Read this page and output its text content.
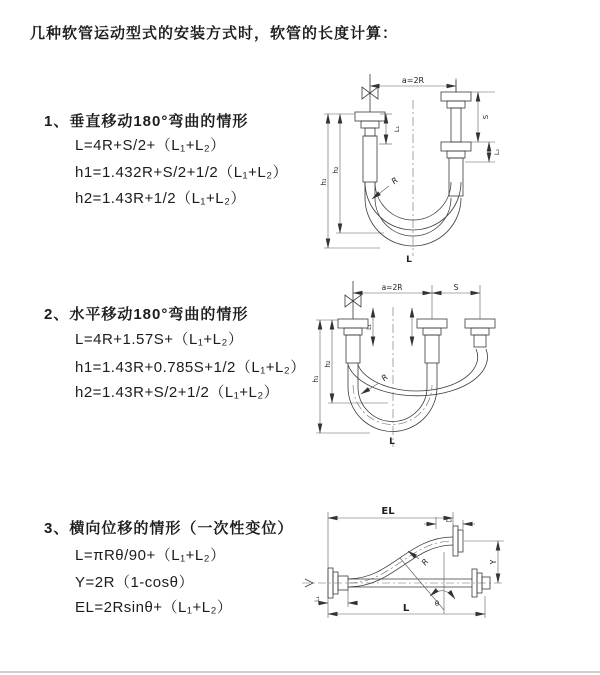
几种软管运动型式的安装方式时，软管的长度计算：
1、垂直移动180°弯曲的情形
L=4R+S/2+（L₁+L₂）
h1=1.432R+S/2+1/2（L₁+L₂）
h2=1.43R+1/2（L₁+L₂）
2、水平移动180°弯曲的情形
L=4R+1.57S+（L₁+L₂）
h1=1.43R+0.785S+1/2（L₁+L₂）
h2=1.43R+S/2+1/2（L₁+L₂）
3、横向位移的情形（一次性变位）
L=πRθ/90+（L₁+L₂）
Y=2R（1-cosθ）
EL=2Rsinθ+（L₁+L₂）
a=2R
L₁
S
L₂
h₁
h₂
R
L
a=2R	S
L₁
h₁
h₂
R
L
EL
L₂
Y
R
θ
L
L₁
